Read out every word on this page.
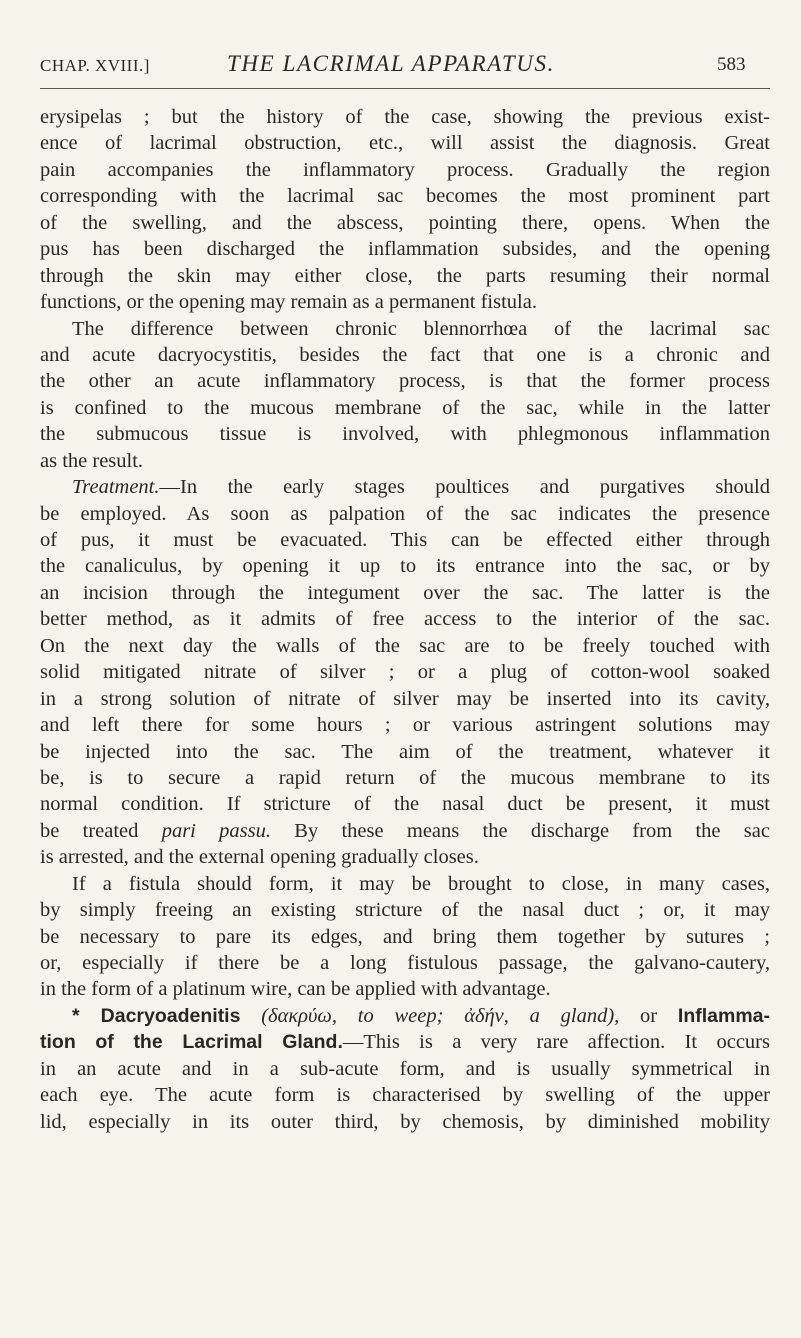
CHAP. XVIII.]	THE LACRIMAL APPARATUS.	583
erysipelas ; but the history of the case, showing the previous exist-
ence of lacrimal obstruction, etc., will assist the diagnosis. Great
pain accompanies the inflammatory process. Gradually the region
corresponding with the lacrimal sac becomes the most prominent part
of the swelling, and the abscess, pointing there, opens. When the
pus has been discharged the inflammation subsides, and the opening
through the skin may either close, the parts resuming their normal
functions, or the opening may remain as a permanent fistula.
The difference between chronic blennorrhœa of the lacrimal sac
and acute dacryocystitis, besides the fact that one is a chronic and
the other an acute inflammatory process, is that the former process
is confined to the mucous membrane of the sac, while in the latter
the submucous tissue is involved, with phlegmonous inflammation
as the result.
Treatment.—In the early stages poultices and purgatives should
be employed. As soon as palpation of the sac indicates the presence
of pus, it must be evacuated. This can be effected either through
the canaliculus, by opening it up to its entrance into the sac, or by
an incision through the integument over the sac. The latter is the
better method, as it admits of free access to the interior of the sac.
On the next day the walls of the sac are to be freely touched with
solid mitigated nitrate of silver ; or a plug of cotton-wool soaked
in a strong solution of nitrate of silver may be inserted into its cavity,
and left there for some hours ; or various astringent solutions may
be injected into the sac. The aim of the treatment, whatever it
be, is to secure a rapid return of the mucous membrane to its
normal condition. If stricture of the nasal duct be present, it must
be treated pari passu. By these means the discharge from the sac
is arrested, and the external opening gradually closes.
If a fistula should form, it may be brought to close, in many cases,
by simply freeing an existing stricture of the nasal duct ; or, it may
be necessary to pare its edges, and bring them together by sutures ;
or, especially if there be a long fistulous passage, the galvano-cautery,
in the form of a platinum wire, can be applied with advantage.
* Dacryoadenitis (δακρύω, to weep; ἀδήν, a gland), or Inflamma-
tion of the Lacrimal Gland.—This is a very rare affection. It occurs
in an acute and in a sub-acute form, and is usually symmetrical in
each eye. The acute form is characterised by swelling of the upper
lid, especially in its outer third, by chemosis, by diminished mobility
